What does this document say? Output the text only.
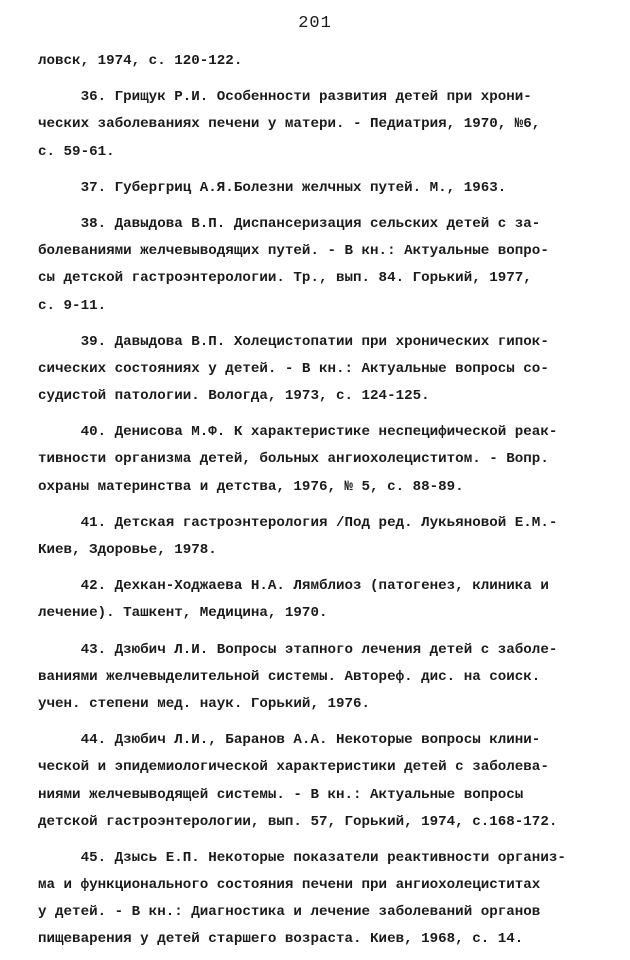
201
ловск, 1974, с. 120-122.
36. Грищук Р.И. Особенности развития детей при хрони-
ческих заболеваниях печени у матери. - Педиатрия, 1970, №6,
с. 59-61.
37. Губергриц А.Я.Болезни желчных путей. М., 1963.
38. Давыдова В.П. Диспансеризация сельских детей с за-
болеваниями желчевыводящих путей. - В кн.: Актуальные вопро-
сы детской гастроэнтерологии. Тр., вып. 84. Горький, 1977,
с. 9-11.
39. Давыдова В.П. Холецистопатии при хронических гипок-
сических состояниях у детей. - В кн.: Актуальные вопросы со-
судистой патологии. Вологда, 1973, с. 124-125.
40. Денисова М.Ф. К характеристике неспецифической реак-
тивности организма детей, больных ангиохолециститом. - Вопр.
охраны материнства и детства, 1976, № 5, с. 88-89.
41. Детская гастроэнтерология /Под ред. Лукьяновой Е.М.-
Киев, Здоровье, 1978.
42. Дехкан-Ходжаева Н.А. Лямблиоз (патогенез, клиника и
лечение). Ташкент, Медицина, 1970.
43. Дзюбич Л.И. Вопросы этапного лечения детей с заболе-
ваниями желчевыделительной системы. Автореф. дис. на соиск.
учен. степени мед. наук. Горький, 1976.
44. Дзюбич Л.И., Баранов А.А. Некоторые вопросы клини-
ческой и эпидемиологической характеристики детей с заболева-
ниями желчевыводящей системы. - В кн.: Актуальные вопросы
детской гастроэнтерологии, вып. 57, Горький, 1974, с.168-172.
45. Дзысь Е.П. Некоторые показатели реактивности организ-
ма и функционального состояния печени при ангиохолециститах
у детей. - В кн.: Диагностика и лечение заболеваний органов
пищеварения у детей старшего возраста. Киев, 1968, с. 14.
